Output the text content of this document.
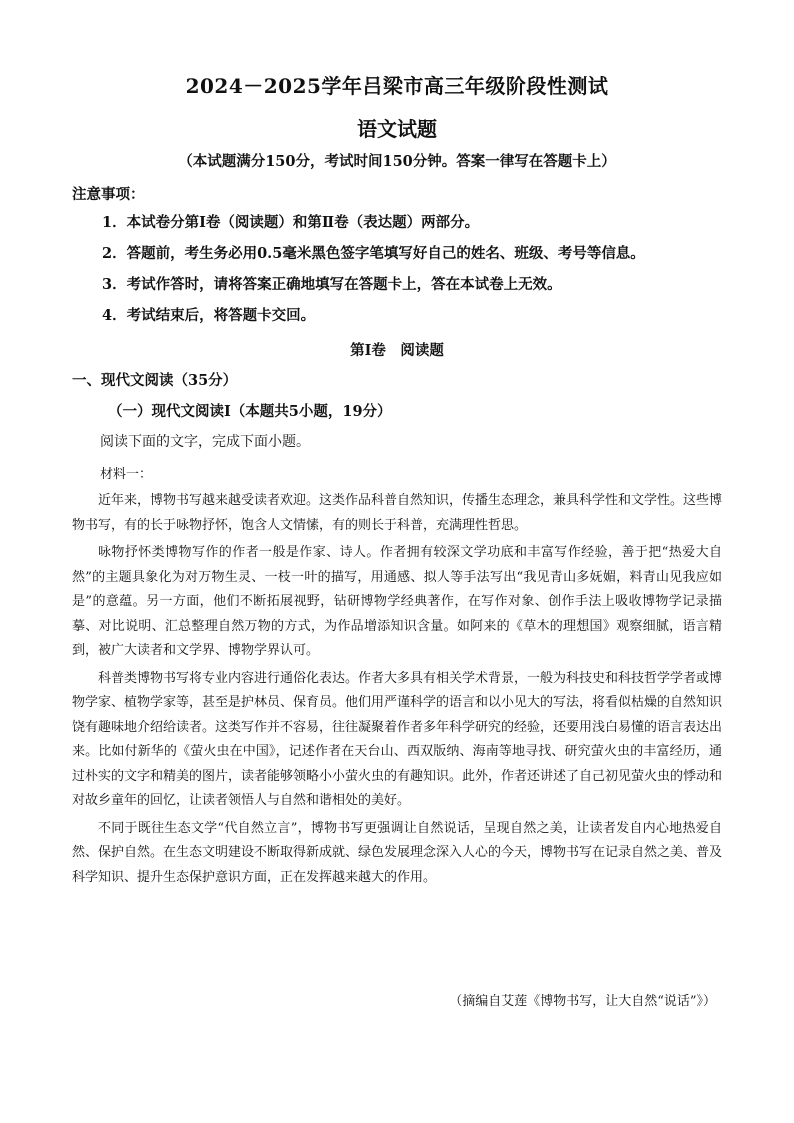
2024－2025学年吕梁市高三年级阶段性测试
语文试题
（本试题满分150分，考试时间150分钟。答案一律写在答题卡上）
注意事项：
1．本试卷分第Ⅰ卷（阅读题）和第Ⅱ卷（表达题）两部分。
2．答题前，考生务必用0.5毫米黑色签字笔填写好自己的姓名、班级、考号等信息。
3．考试作答时，请将答案正确地填写在答题卡上，答在本试卷上无效。
4．考试结束后，将答题卡交回。
第Ⅰ卷　阅读题
一、现代文阅读（35分）
（一）现代文阅读Ⅰ（本题共5小题，19分）
阅读下面的文字，完成下面小题。
材料一：

近年来，博物书写越来越受读者欢迎。这类作品科普自然知识，传播生态理念，兼具科学性和文学性。这些博物书写，有的长于咏物抒怀，饱含人文情愫，有的则长于科普，充满理性哲思。

咏物抒怀类博物写作的作者一般是作家、诗人。作者拥有较深文学功底和丰富写作经验，善于把“热爱大自然”的主题具象化为对万物生灵、一枝一叶的描写，用通感、拟人等手法写出“我见青山多妩媚，料青山见我应如是”的意蕴。另一方面，他们不断拓展视野，钻研博物学经典著作，在写作对象、创作手法上吸收博物学记录描摹、对比说明、汇总整理自然万物的方式，为作品增添知识含量。如阿来的《草木的理想国》观察细腻，语言精到，被广大读者和文学界、博物学界认可。

科普类博物书写将专业内容进行通俗化表达。作者大多具有相关学术背景，一般为科技史和科技哲学学者或博物学家、植物学家等，甚至是护林员、保育员。他们用严谨科学的语言和以小见大的写法，将看似枯燥的自然知识饶有趣味地介绍给读者。这类写作并不容易，往往凝聚着作者多年科学研究的经验，还要用浅白易懂的语言表达出来。比如付新华的《萤火虫在中国》，记述作者在天台山、西双版纳、海南等地寻找、研究萤火虫的丰富经历，通过朴实的文字和精美的图片，读者能够领略小小萤火虫的有趣知识。此外，作者还讲述了自己初见萤火虫的悸动和对故乡童年的回忆，让读者领悟人与自然和谐相处的美好。

不同于既往生态文学“代自然立言”，博物书写更强调让自然说话，呈现自然之美，让读者发自内心地热爱自然、保护自然。在生态文明建设不断取得新成就、绿色发展理念深入人心的今天，博物书写在记录自然之美、普及科学知识、提升生态保护意识方面，正在发挥越来越大的作用。

（摘编自艾莲《博物书写，让大自然“说话”》）
